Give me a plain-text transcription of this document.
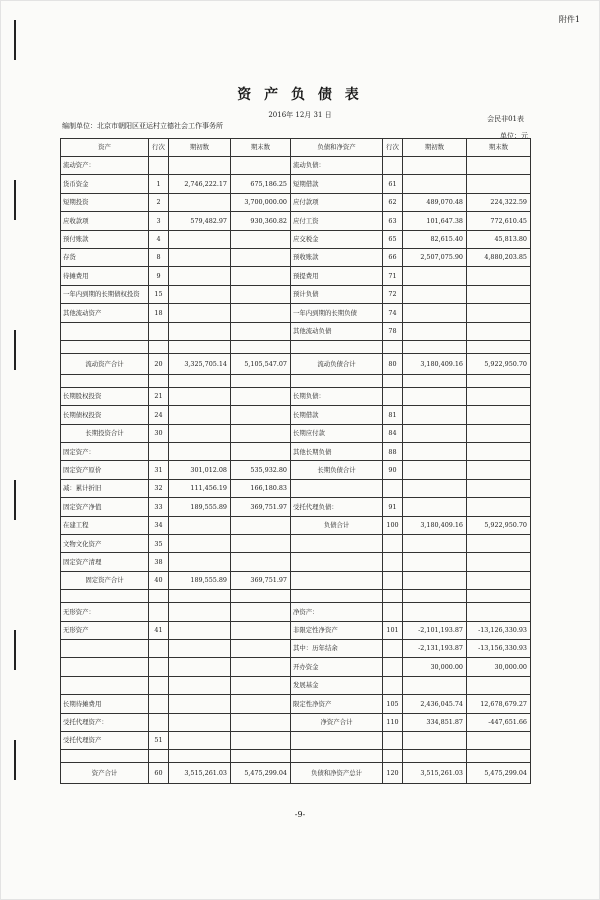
附件1
资 产 负 债 表
2016年 12月 31 日	会民非01表
编制单位：北京市朝阳区亚运村立德社会工作事务所
单位：元
资产	行次	期初数	期末数	负债和净资产	行次	期初数	期末数
流动资产：				流动负债：			
货币资金	1	2,746,222.17	675,186.25	短期借款	61		
短期投资	2		3,700,000.00	应付款项	62	489,070.48	224,322.59
应收款项	3	579,482.97	930,360.82	应付工资	63	101,647.38	772,610.45
预付账款	4			应交税金	65	82,615.40	45,813.80
存货	8			预收账款	66	2,507,075.90	4,880,203.85
待摊费用	9			预提费用	71		
一年内到期的长期债权投资	15			预计负债	72		
其他流动资产	18			一年内到期的长期负债	74		
				其他流动负债	78		

流动资产合计	20	3,325,705.14	5,105,547.07	流动负债合计	80	3,180,409.16	5,922,950.70

长期股权投资	21			长期负债：			
长期债权投资	24			长期借款	81		
长期投资合计	30			长期应付款	84		
固定资产：				其他长期负债	88		
固定资产原价	31	301,012.08	535,932.80	长期负债合计	90		
减：累计折旧	32	111,456.19	166,180.83				
固定资产净值	33	189,555.89	369,751.97	受托代理负债：	91		
在建工程	34			负债合计	100	3,180,409.16	5,922,950.70
文物文化资产	35						
固定资产清理	38						
固定资产合计	40	189,555.89	369,751.97				

无形资产：				净资产：			
无形资产	41			非限定性净资产	101	-2,101,193.87	-13,126,330.93
				其中：历年结余		-2,131,193.87	-13,156,330.93
				开办资金		30,000.00	30,000.00
				发展基金			
长期待摊费用				限定性净资产	105	2,436,045.74	12,678,679.27
受托代理资产：				净资产合计	110	334,851.87	-447,651.66
受托代理资产	51						

资产合计	60	3,515,261.03	5,475,299.04	负债和净资产总计	120	3,515,261.03	5,475,299.04
-9-
